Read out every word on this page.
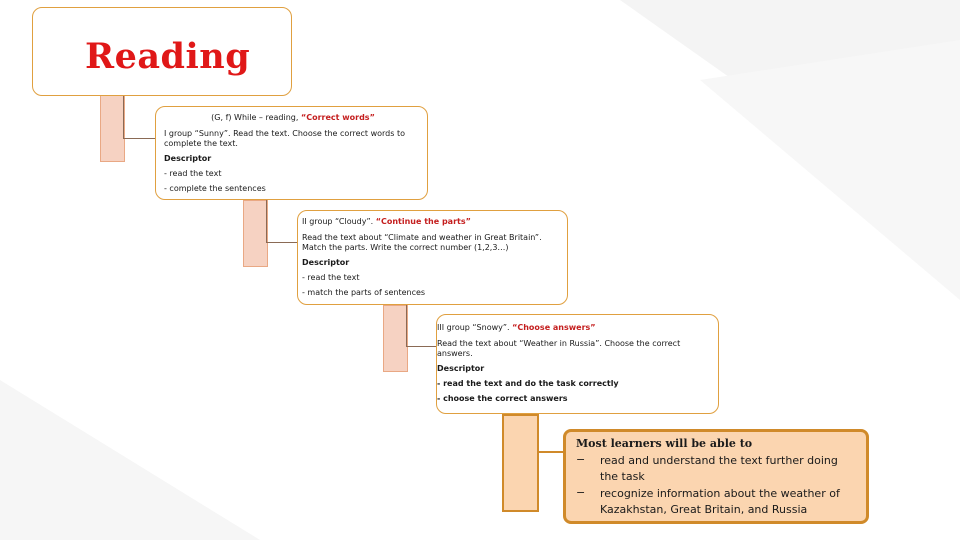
Reading

(G, f) While – reading, “Correct words”

I group “Sunny”. Read the text. Choose the correct words to complete the text.

Descriptor

- read the text

- complete the sentences

II group “Cloudy”. “Continue the parts”

Read the text about “Climate and weather in Great Britain”. Match the parts. Write the correct number (1,2,3…)

Descriptor

- read the text

- match the parts of sentences

III group “Snowy”. “Choose answers”

Read the text about “Weather in Russia”. Choose the correct answers.

Descriptor

- read the text and do the task correctly

- choose the correct answers

Most learners will be able to

− read and understand the text further doing the task
− recognize information about the weather of Kazakhstan, Great Britain, and Russia
